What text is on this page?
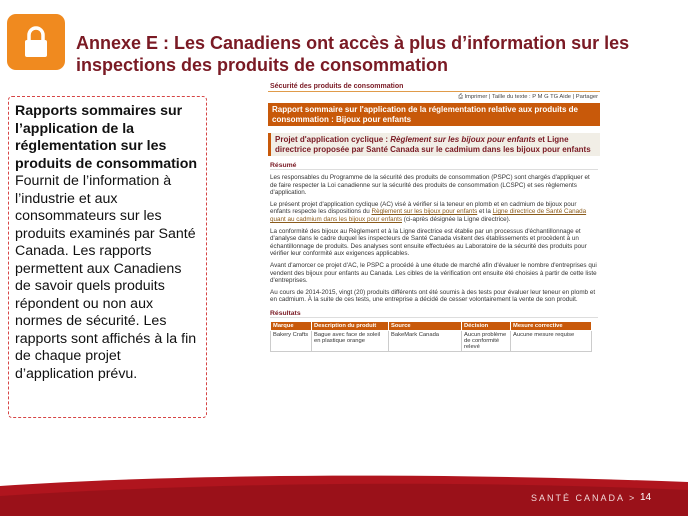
Annexe E : Les Canadiens ont accès à plus d’information sur les inspections des produits de consommation
Rapports sommaires sur l’application de la réglementation sur les produits de consommation
Fournit de l’information à l’industrie et aux consommateurs sur les produits examinés par Santé Canada. Les rapports permettent aux Canadiens de savoir quels produits répondent ou non aux normes de sécurité. Les rapports sont affichés à la fin de chaque projet d’application prévu.
Sécurité des produits de consommation
⎙ Imprimer | Taille du texte : P M G TG Aide | Partager
Rapport sommaire sur l'application de la réglementation relative aux produits de consommation : Bijoux pour enfants
Projet d'application cyclique : Règlement sur les bijoux pour enfants et Ligne directrice proposée par Santé Canada sur le cadmium dans les bijoux pour enfants
Résumé

Les responsables du Programme de la sécurité des produits de consommation (PSPC) sont chargés d'appliquer et de faire respecter la Loi canadienne sur la sécurité des produits de consommation (LCSPC) et ses règlements d'application.

Le présent projet d'application cyclique (AC) visé à vérifier si la teneur en plomb et en cadmium de bijoux pour enfants respecte les dispositions du Règlement sur les bijoux pour enfants et la Ligne directrice de Santé Canada quant au cadmium dans les bijoux pour enfants (ci-après désignée la Ligne directrice).

La conformité des bijoux au Règlement et à la Ligne directrice est établie par un processus d'échantillonnage et d'analyse dans le cadre duquel les inspecteurs de Santé Canada visitent des établissements et procèdent à un échantillonnage de produits. Des analyses sont ensuite effectuées au Laboratoire de la sécurité des produits pour vérifier leur conformité aux exigences applicables.

Avant d'amorcer ce projet d'AC, le PSPC a procédé à une étude de marché afin d'évaluer le nombre d'entreprises qui vendent des bijoux pour enfants au Canada. Les cibles de la vérification ont ensuite été choisies à partir de cette liste d'entreprises.

Au cours de 2014-2015, vingt (20) produits différents ont été soumis à des tests pour évaluer leur teneur en plomb et en cadmium. À la suite de ces tests, une entreprise a décidé de cesser volontairement la vente de son produit.

Résultats
Marque	Description du produit	Source	Décision	Mesure corrective
Bakery Crafts	Bague avec face de soleil en plastique orange	BakeMark Canada	Aucun problème de conformité relevé	Aucune mesure requise
SANTÉ CANADA > 14
